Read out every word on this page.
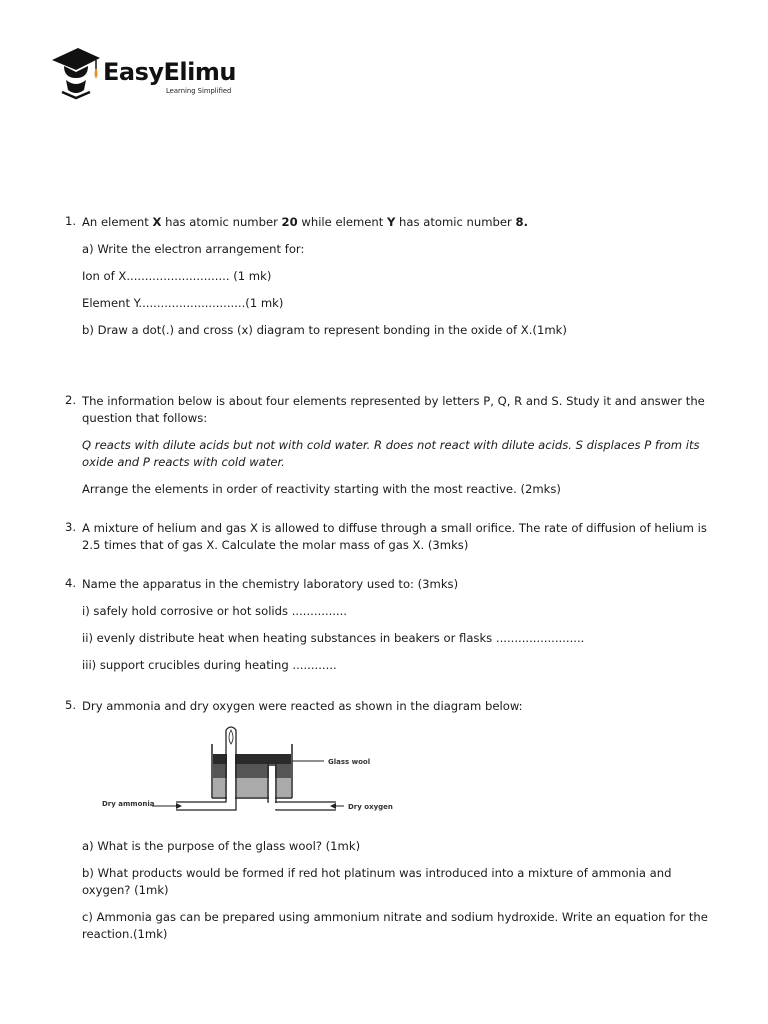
EasyElimu
Learning Simplified
1. An element X has atomic number 20 while element Y has atomic number 8.

a) Write the electron arrangement for:

Ion of X............................ (1 mk)

Element Y.............................(1 mk)

b) Draw a dot(.) and cross (x) diagram to represent bonding in the oxide of X.(1mk)

2. The information below is about four elements represented by letters P, Q, R and S. Study it and answer the question that follows:

Q reacts with dilute acids but not with cold water. R does not react with dilute acids. S displaces P from its oxide and P reacts with cold water.

Arrange the elements in order of reactivity starting with the most reactive. (2mks)

3. A mixture of helium and gas X is allowed to diffuse through a small orifice. The rate of diffusion of helium is 2.5 times that of gas X. Calculate the molar mass of gas X. (3mks)

4. Name the apparatus in the chemistry laboratory used to: (3mks)

i) safely hold corrosive or hot solids ...............

ii) evenly distribute heat when heating substances in beakers or flasks ........................

iii) support crucibles during heating ............

5. Dry ammonia and dry oxygen were reacted as shown in the diagram below:

Glass wool
Dry ammonia	Dry oxygen

a) What is the purpose of the glass wool? (1mk)

b) What products would be formed if red hot platinum was introduced into a mixture of ammonia and oxygen? (1mk)

c) Ammonia gas can be prepared using ammonium nitrate and sodium hydroxide. Write an equation for the reaction.(1mk)
